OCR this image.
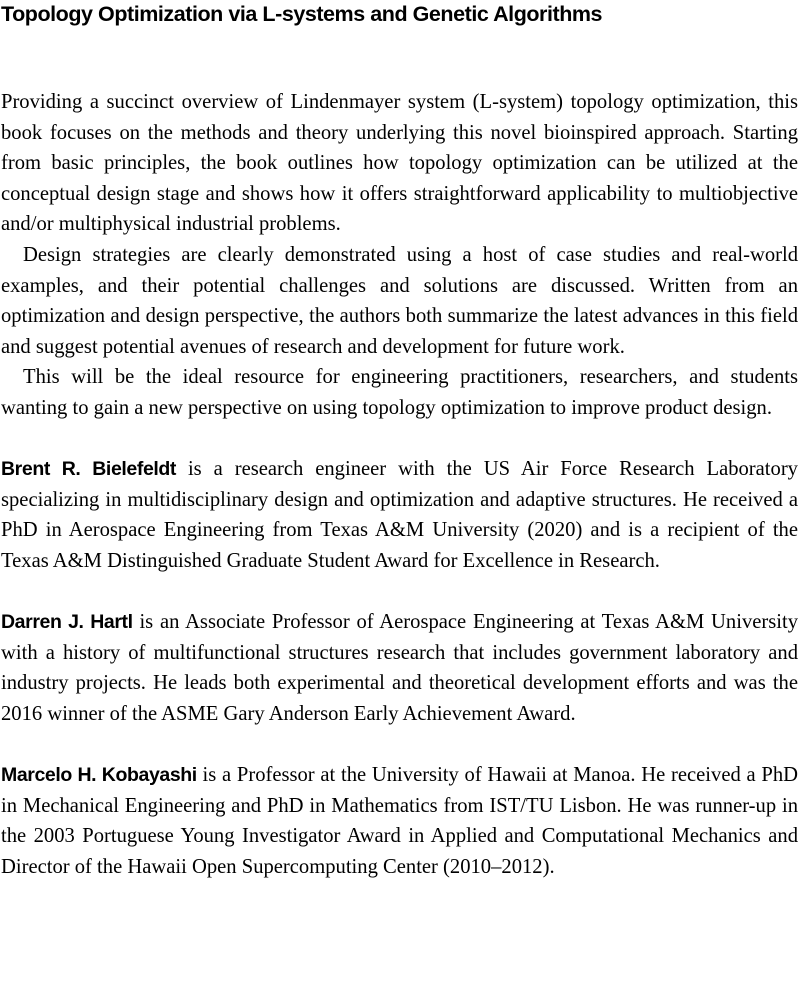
Topology Optimization via L-systems and Genetic Algorithms

Providing a succinct overview of Lindenmayer system (L-system) topology optimization, this book focuses on the methods and theory underlying this novel bioinspired approach. Starting from basic principles, the book outlines how topology optimization can be utilized at the conceptual design stage and shows how it offers straightforward applicability to multiobjective and/or multiphysical industrial problems.

Design strategies are clearly demonstrated using a host of case studies and real-world examples, and their potential challenges and solutions are discussed. Written from an optimization and design perspective, the authors both summarize the latest advances in this field and suggest potential avenues of research and development for future work.

This will be the ideal resource for engineering practitioners, researchers, and students wanting to gain a new perspective on using topology optimization to improve product design.

Brent R. Bielefeldt is a research engineer with the US Air Force Research Laboratory specializing in multidisciplinary design and optimization and adaptive structures. He received a PhD in Aerospace Engineering from Texas A&M University (2020) and is a recipient of the Texas A&M Distinguished Graduate Student Award for Excellence in Research.

Darren J. Hartl is an Associate Professor of Aerospace Engineering at Texas A&M University with a history of multifunctional structures research that includes government laboratory and industry projects. He leads both experimental and theoretical development efforts and was the 2016 winner of the ASME Gary Anderson Early Achievement Award.

Marcelo H. Kobayashi is a Professor at the University of Hawaii at Manoa. He received a PhD in Mechanical Engineering and PhD in Mathematics from IST/TU Lisbon. He was runner-up in the 2003 Portuguese Young Investigator Award in Applied and Computational Mechanics and Director of the Hawaii Open Supercomputing Center (2010–2012).
